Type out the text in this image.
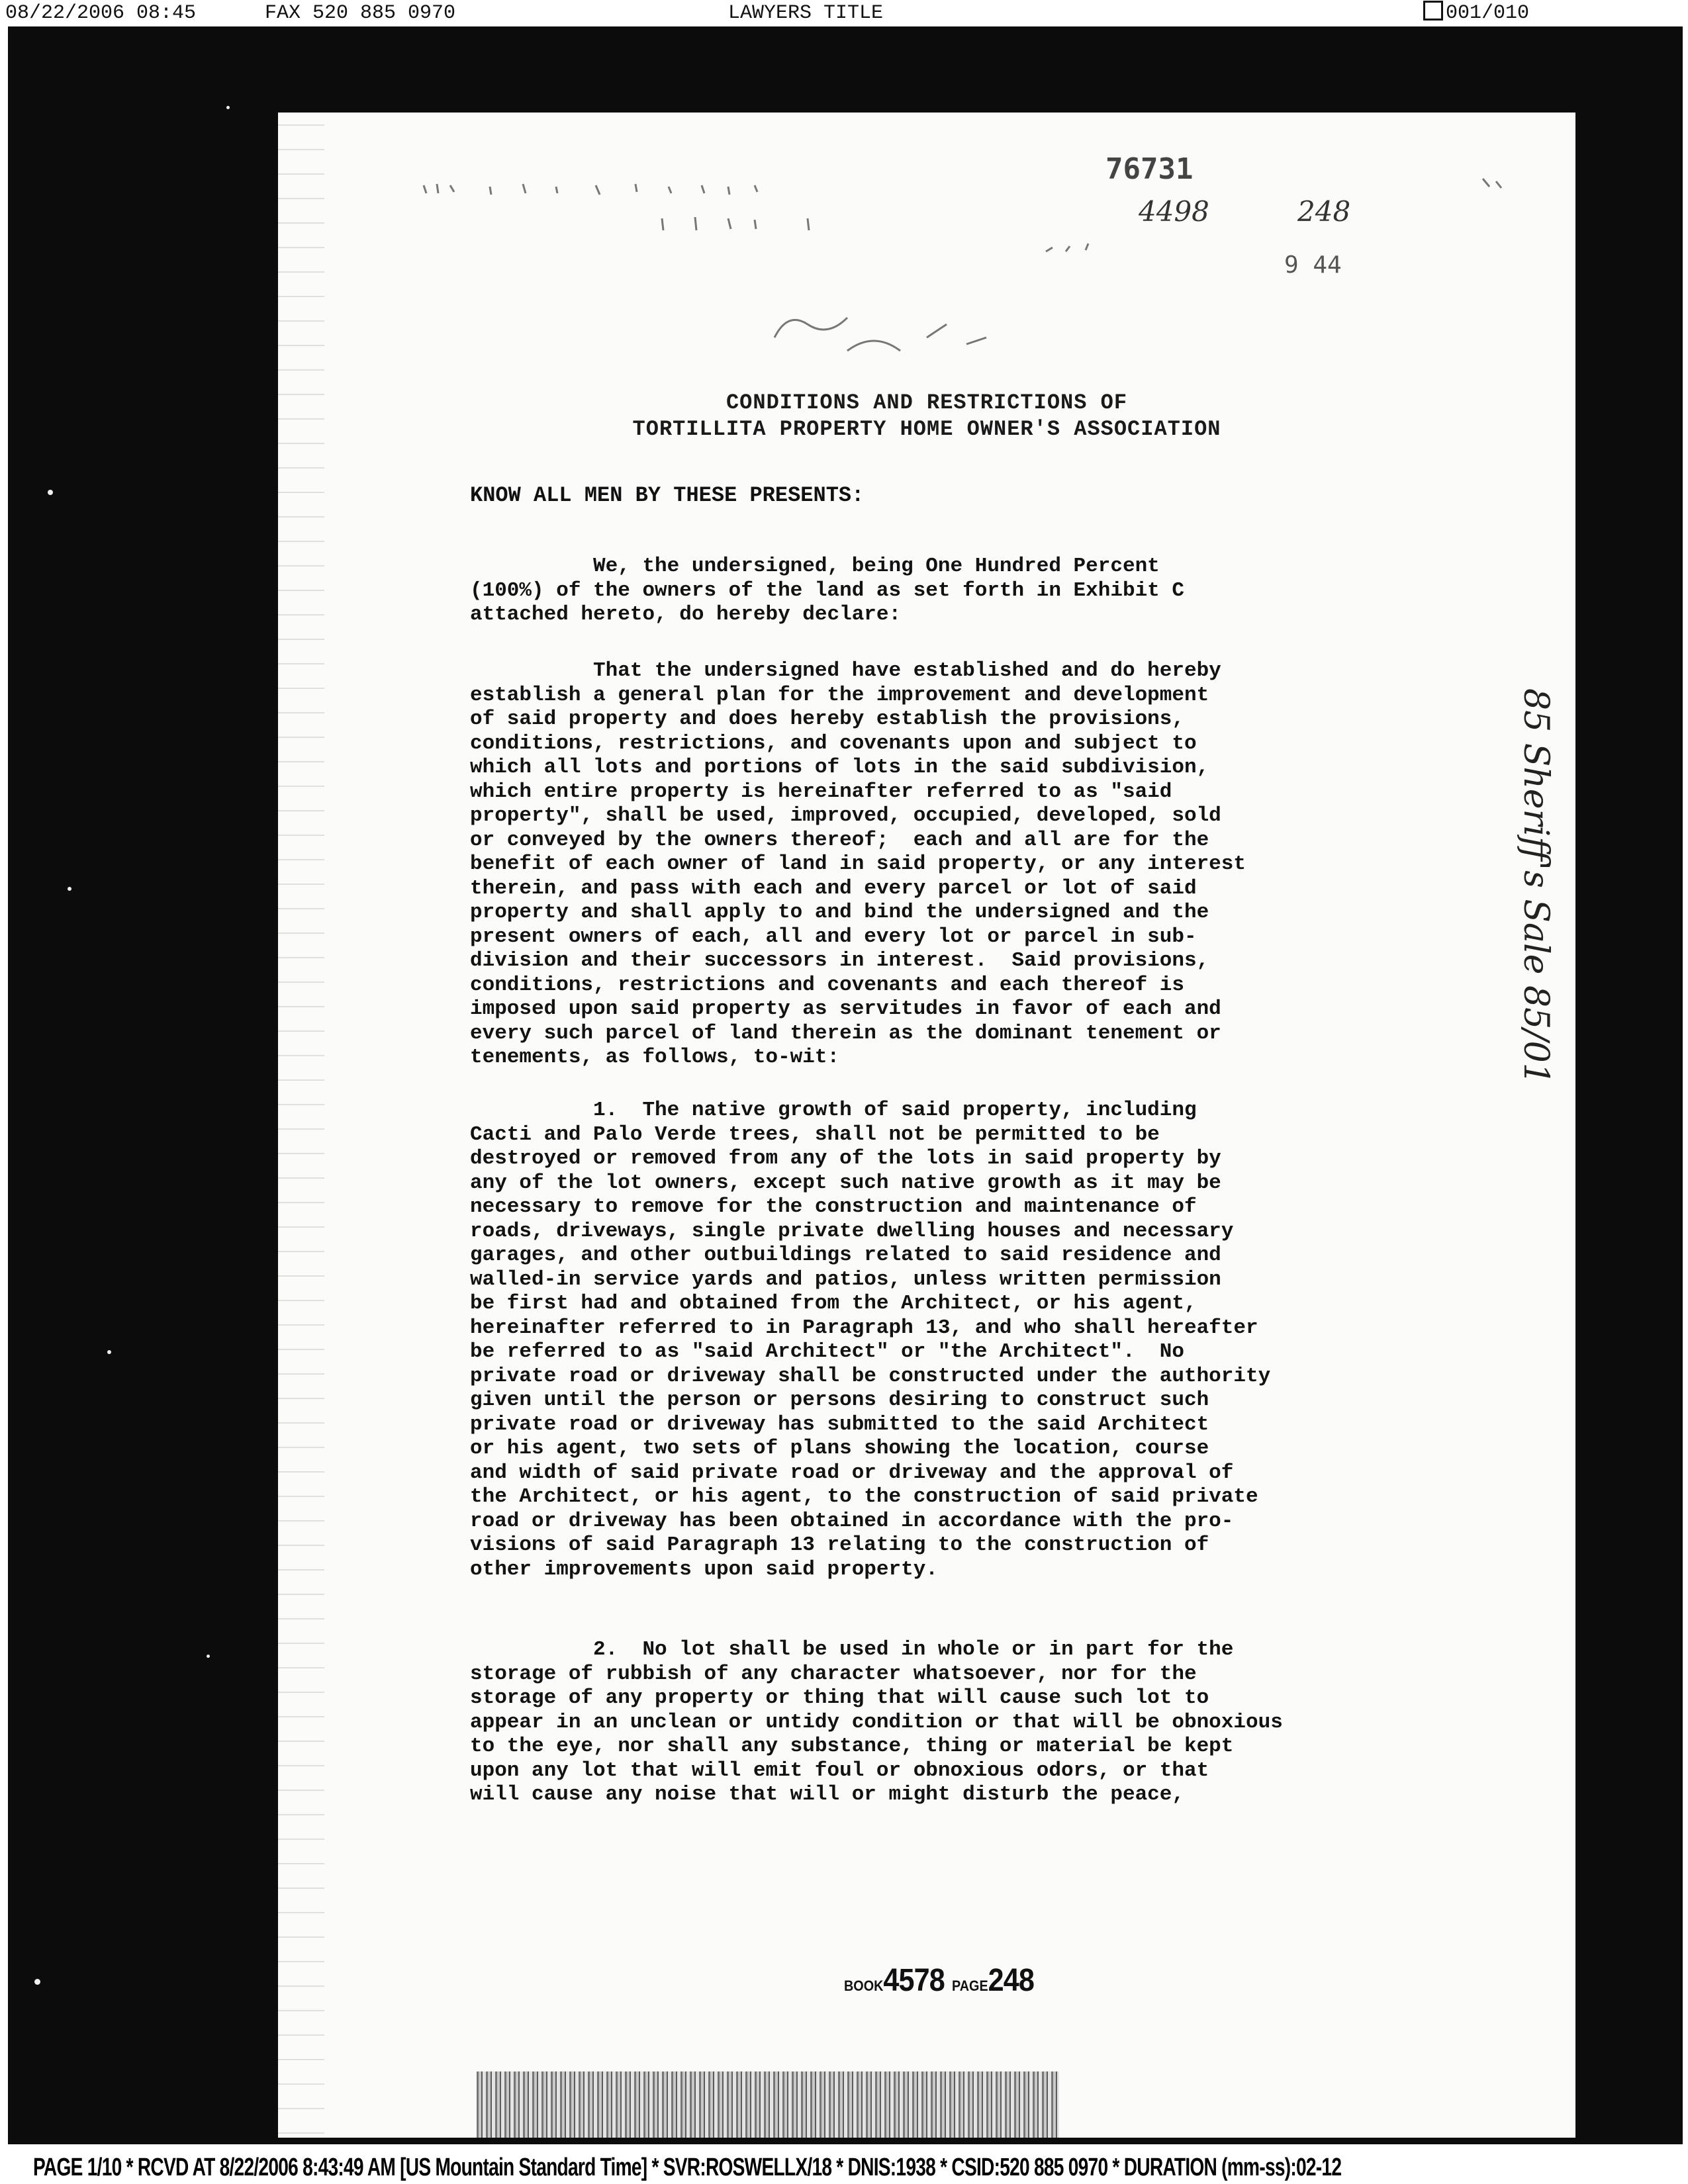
08/22/2006 08:45	FAX 520 885 0970	LAWYERS TITLE	001/010
76731
4498	248
9 44
CONDITIONS AND RESTRICTIONS OF
TORTILLITA PROPERTY HOME OWNER'S ASSOCIATION
KNOW ALL MEN BY THESE PRESENTS:
We, the undersigned, being One Hundred Percent
(100%) of the owners of the land as set forth in Exhibit C
attached hereto, do hereby declare:
That the undersigned have established and do hereby
establish a general plan for the improvement and development
of said property and does hereby establish the provisions,
conditions, restrictions, and covenants upon and subject to
which all lots and portions of lots in the said subdivision,
which entire property is hereinafter referred to as "said
property", shall be used, improved, occupied, developed, sold
or conveyed by the owners thereof;  each and all are for the
benefit of each owner of land in said property, or any interest
therein, and pass with each and every parcel or lot of said
property and shall apply to and bind the undersigned and the
present owners of each, all and every lot or parcel in sub-
division and their successors in interest.  Said provisions,
conditions, restrictions and covenants and each thereof is
imposed upon said property as servitudes in favor of each and
every such parcel of land therein as the dominant tenement or
tenements, as follows, to-wit:
1.  The native growth of said property, including
Cacti and Palo Verde trees, shall not be permitted to be
destroyed or removed from any of the lots in said property by
any of the lot owners, except such native growth as it may be
necessary to remove for the construction and maintenance of
roads, driveways, single private dwelling houses and necessary
garages, and other outbuildings related to said residence and
walled-in service yards and patios, unless written permission
be first had and obtained from the Architect, or his agent,
hereinafter referred to in Paragraph 13, and who shall hereafter
be referred to as "said Architect" or "the Architect".  No
private road or driveway shall be constructed under the authority
given until the person or persons desiring to construct such
private road or driveway has submitted to the said Architect
or his agent, two sets of plans showing the location, course
and width of said private road or driveway and the approval of
the Architect, or his agent, to the construction of said private
road or driveway has been obtained in accordance with the pro-
visions of said Paragraph 13 relating to the construction of
other improvements upon said property.
2.  No lot shall be used in whole or in part for the
storage of rubbish of any character whatsoever, nor for the
storage of any property or thing that will cause such lot to
appear in an unclean or untidy condition or that will be obnoxious
to the eye, nor shall any substance, thing or material be kept
upon any lot that will emit foul or obnoxious odors, or that
will cause any noise that will or might disturb the peace,
BOOK4578 PAGE248
85 Sheriff's Sale 85/01
PAGE 1/10 * RCVD AT 8/22/2006 8:43:49 AM [US Mountain Standard Time] * SVR:ROSWELLX/18 * DNIS:1938 * CSID:520 885 0970 * DURATION (mm-ss):02-12
